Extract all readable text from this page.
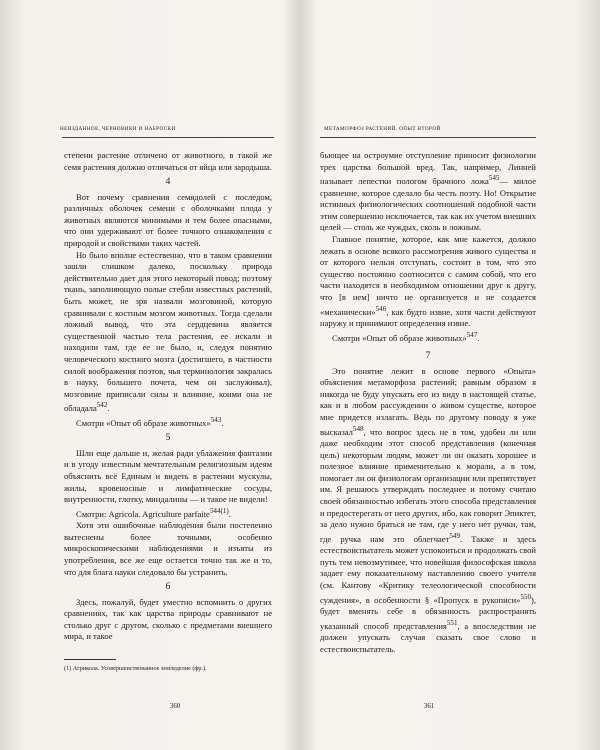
НЕИЗДАННОЕ, ЧЕРНОВИКИ И НАБРОСКИ

степени растение отличено от животного, в такой же семя растения должно отличаться от яйца или зародыша.

4

Вот почему сравнения семядолей с последом, различных оболочек семени с оболочками плода у животных являются минимыми и тем более опасными, что они удерживают от более точного ознакомления с природой и свойствами таких частей.

Но было вполне естественно, что в таком сравнении зашли слишком далеко, поскольку природа действительно дает для этого некоторый повод; поэтому ткань, заполняющую полые стебли известных растений, быть может, не зря назвали мозговиной, которую сравнивали с костным мозгом животных. Тогда сделали ложный вывод, что эта сердцевина является существенной частью тела растения, ее искали и находили там, где ее не было, и, следуя понятию человеческого костного мозга (достигшего, в частности силой воображения поэтов, чья терминология закралась в науку, большего почета, чем он заслуживал), мозговине приписали силы и влияние, коими она не обладала$^{542}$.

Смотри «Опыт об образе животных»$^{543}$.

5

Шли еще дальше и, желая ради ублажения фантазии и в угоду известным мечтательным религиозным идеям объяснить всё Единым и видеть в растении мускулы, жилы, кровеносные и лимфатические сосуды, внутренности, глотку, миндалины — и такое не видели!

Смотри: Agricola. Agriculture parfaite$^{544(1)}$.

Хотя эти ошибочные наблюдения были постепенно вытеснены более точными, особенно микроскопическими наблюдениями и изъяты из употребления, все же еще остается точно так же и то, что для блага науки следовало бы устранить.

6

Здесь, пожалуй, будет уместно вспомнить о других сравнениях, так как царства природы сравнивают не столько друг с другом, сколько с предметами внешнего мира, и такое

(1) Агрикола. Усовершенствованное земледелие (фр.).
360
МЕТАМОРФОЗ РАСТЕНИЙ. ОПЫТ ВТОРОЙ

бьющее на остроумие отступление приносит физиологии трех царства большой вред. Так, например, Линней называет лепестки пологом брачного ложа$^{545}$— милое сравнение, которое сделало бы честь поэту. Но! Открытие истинных физиологических соотношений подобной части этим совершенно исключается, так как их учетом внешних целей — столь же чуждых, сколь и ложным.

Главное понятие, которое, как мне кажется, должно лежать в основе всякого рассмотрения живого существа и от которого нельзя отступать, состоит в том, что это существо постоянно соотносится с самим собой, что его части находятся в необходимом отношении друг к другу, что [в нем] ничто не организуется и не создается «механически»$^{546}$, как будто извне, хотя части действуют наружу и принимают определения извне.

Смотри «Опыт об образе животных»$^{547}$.

7

Это понятие лежит в основе первого «Опыта» объяснения метаморфоза растений; равным образом я никогда не буду упускать его из виду в настоящей статье, как и в любом рассуждении о живом существе, которое мне придется излагать. Ведь по другому поводу я уже высказал$^{548}$, что вопрос здесь не в том, удобен ли или даже необходим этот способ представления (конечная цель) некоторым людям, может ли он оказать хорошее и полезное влияние применительно к морали, а в том, помогает ли он физиологам организации или препятствует им. Я решаюсь утверждать последнее и потому считаю своей обязанностью избегать этого способа представления и предостерегать от него других, ибо, как говорит Эпиктет, за дело нужно браться не там, где у него нет ручки, там, где ручка нам это облегчает$^{549}$. Также и здесь естествоиспытатель может успокоиться и продолжать свой путь тем невозмутимее, что новейшая философская школа задает ему показательному наставлению своего учителя (см. Кантову «Критику телеологической способности суждения», в особенности § «Пропуск в рукописи»$^{550}$), будет вменять себе в обязанность распространять указанный способ представления$^{551}$, а впоследствии не должен упускать случая сказать свое слово и естествоиспытатель.

361
